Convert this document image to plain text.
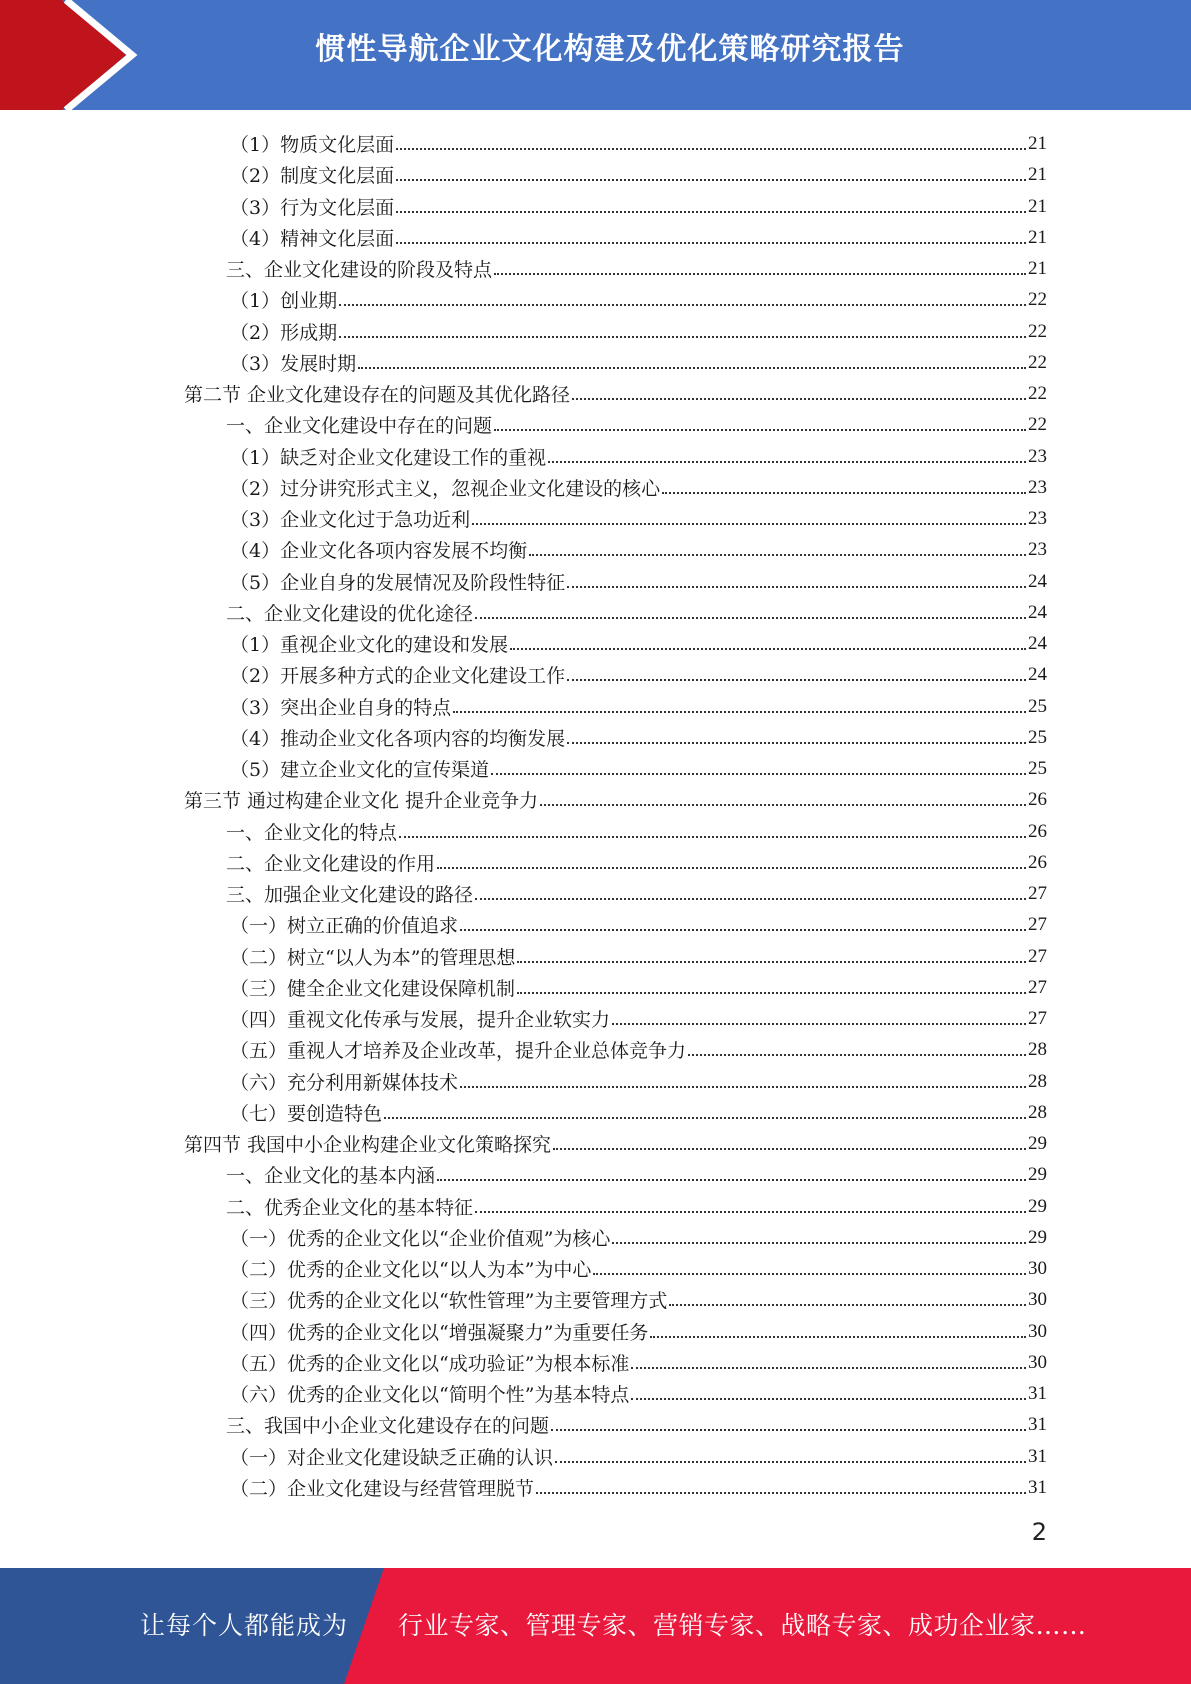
惯性导航企业文化构建及优化策略研究报告
（1）物质文化层面	21
（2）制度文化层面	21
（3）行为文化层面	21
（4）精神文化层面	21
三、企业文化建设的阶段及特点	21
（1）创业期	22
（2）形成期	22
（3）发展时期	22
第二节 企业文化建设存在的问题及其优化路径	22
一、企业文化建设中存在的问题	22
（1）缺乏对企业文化建设工作的重视	23
（2）过分讲究形式主义，忽视企业文化建设的核心	23
（3）企业文化过于急功近利	23
（4）企业文化各项内容发展不均衡	23
（5）企业自身的发展情况及阶段性特征	24
二、企业文化建设的优化途径	24
（1）重视企业文化的建设和发展	24
（2）开展多种方式的企业文化建设工作	24
（3）突出企业自身的特点	25
（4）推动企业文化各项内容的均衡发展	25
（5）建立企业文化的宣传渠道	25
第三节 通过构建企业文化 提升企业竞争力	26
一、企业文化的特点	26
二、企业文化建设的作用	26
三、加强企业文化建设的路径	27
（一）树立正确的价值追求	27
（二）树立“以人为本”的管理思想	27
（三）健全企业文化建设保障机制	27
（四）重视文化传承与发展，提升企业软实力	27
（五）重视人才培养及企业改革，提升企业总体竞争力	28
（六）充分利用新媒体技术	28
（七）要创造特色	28
第四节 我国中小企业构建企业文化策略探究	29
一、企业文化的基本内涵	29
二、优秀企业文化的基本特征	29
（一）优秀的企业文化以“企业价值观”为核心	29
（二）优秀的企业文化以“以人为本”为中心	30
（三）优秀的企业文化以“软性管理”为主要管理方式	30
（四）优秀的企业文化以“增强凝聚力”为重要任务	30
（五）优秀的企业文化以“成功验证”为根本标准	30
（六）优秀的企业文化以“简明个性”为基本特点	31
三、我国中小企业文化建设存在的问题	31
（一）对企业文化建设缺乏正确的认识	31
（二）企业文化建设与经营管理脱节	31
2
让每个人都能成为 行业专家、管理专家、营销专家、战略专家、成功企业家……
